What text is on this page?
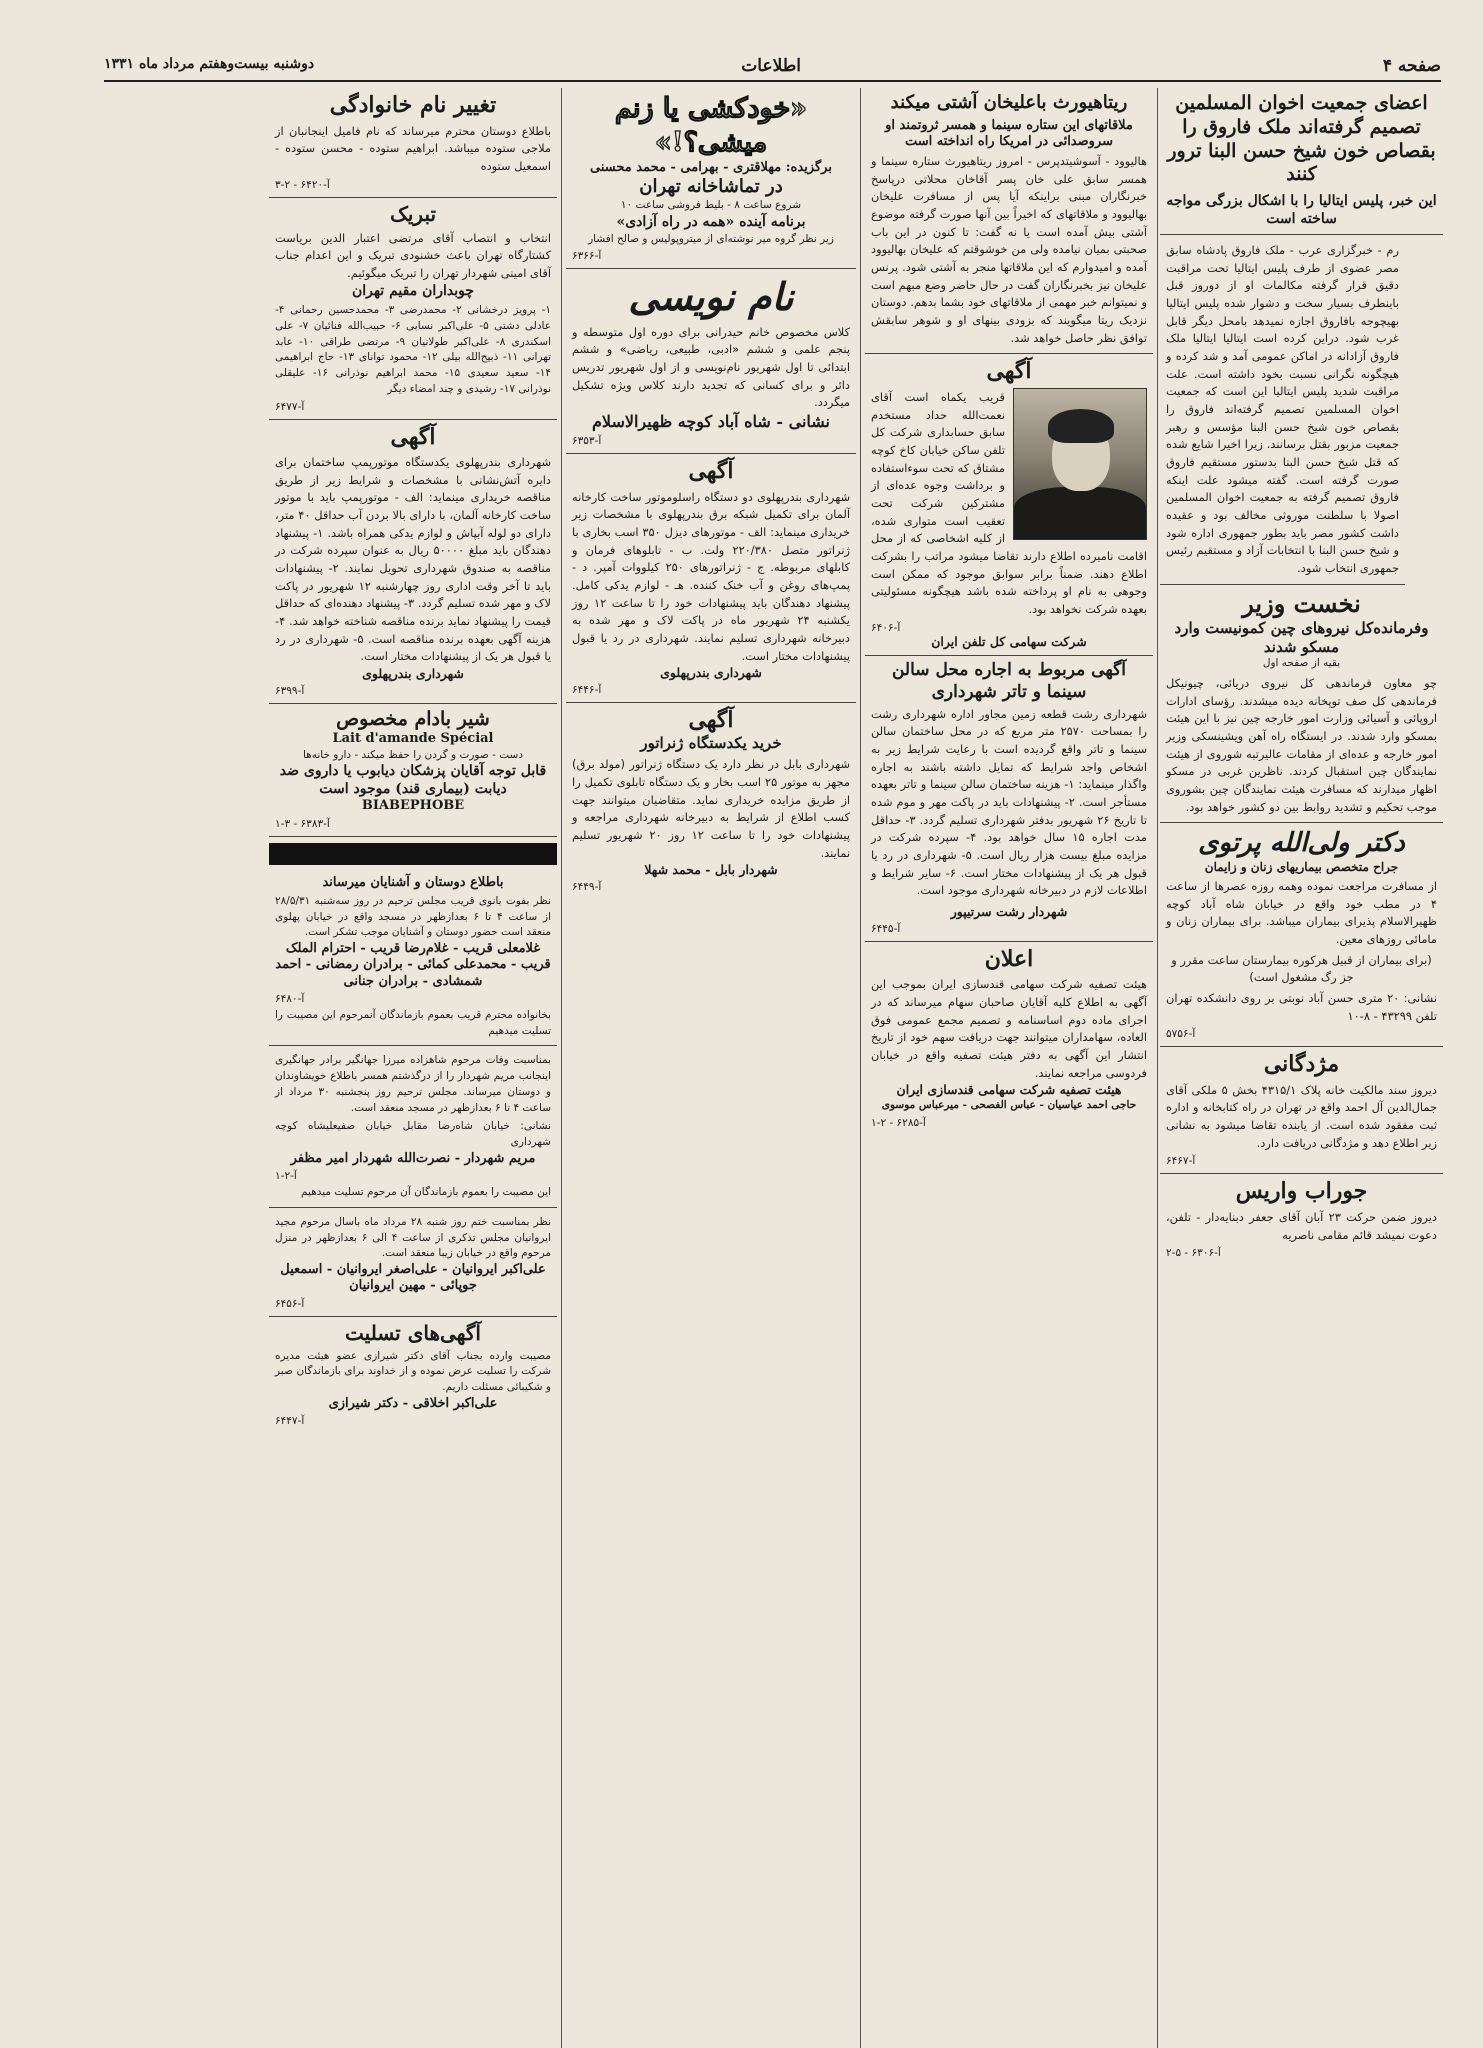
صفحه ۴
اطلاعات
دوشنبه بیست‌وهفتم مرداد ماه ۱۳۳۱
اعضای جمعیت اخوان المسلمین تصمیم گرفته‌اند ملک فاروق را بقصاص خون شیخ حسن البنا ترور کنند
این خبر، پلیس ایتالیا را با اشکال بزرگی مواجه ساخته است
رم - خبرگزاری عرب - ملک فاروق پادشاه سابق مصر عضوی از طرف پلیس ایتالیا تحت مراقبت دقیق قرار گرفته مکالمات او از دوروز قبل باینطرف بسیار سخت و دشوار شده پلیس ایتالیا بهیچوجه بافاروق اجازه نمیدهد بامحل دیگر قابل غرب شود. دراین کرده است ایتالیا ایتالیا ملک فاروق آزادانه در اماکن عمومی آمد و شد کرده و هیچگونه نگرانی نسبت بخود داشته است. علت مراقبت شدید پلیس ایتالیا این است که جمعیت اخوان المسلمین تصمیم گرفته‌اند فاروق را بقصاص خون شیخ حسن البنا مؤسس و رهبر جمعیت مزبور بقتل برسانند. زیرا اخیرا شایع شده که قتل شیخ حسن البنا بدستور مستقیم فاروق صورت گرفته است. گفته میشود علت اینکه فاروق تصمیم گرفته به جمعیت اخوان المسلمین اصولا با سلطنت موروثی مخالف بود و عقیده داشت کشور مصر باید بطور جمهوری اداره شود و شیخ حسن البنا با انتخابات آزاد و مستقیم رئیس جمهوری انتخاب شود.
نخست وزیر
وفرمانده‌کل نیروهای چین کمونیست وارد مسکو شدند
بقیه از صفحه اول
چو معاون فرماندهی کل نیروی دریائی، چیونیکل فرماندهی کل صف توپخانه دیده میشدند. رؤسای ادارات اروپائی و آسیائی وزارت امور خارجه چین نیز با این هیئت بمسکو وارد شدند. در ایستگاه راه آهن ویشینسکی وزیر امور خارجه و عده‌ای از مقامات عالیرتبه شوروی از هیئت نمایندگان چین استقبال کردند. ناظرین غربی در مسکو اظهار میدارند که مسافرت هیئت نمایندگان چین بشوروی موجب تحکیم و تشدید روابط بین دو کشور خواهد بود.
دکتر ولی‌الله پرتوی
جراح متخصص بیماریهای زنان و زایمان
از مسافرت مراجعت نموده وهمه روزه عصرها از ساعت ۴ در مطب خود واقع در خیابان شاه آباد کوچه ظهیرالاسلام پذیرای بیماران میباشد. برای بیماران زنان و مامائی روزهای معین.
(برای بیماران از قبیل هرکوره بیمارستان ساعت مقرر و جز رگ مشغول است)
نشانی: ۲۰ متری حسن آباد نوبتی بر روی دانشکده تهران تلفن ۴۳۲۹۹ - ۸-۱۰
آ-۵۷۵۶
مژدگانی
دیروز سند مالکیت خانه پلاک ۴۳۱۵/۱ بخش ۵ ملکی آقای جمال‌الدین آل احمد واقع در تهران در راه کتابخانه و اداره ثبت مفقود شده است. از یابنده تقاضا میشود به نشانی زیر اطلاع دهد و مژدگانی دریافت دارد.
آ-۶۴۶۷
جوراب واریس
دیروز ضمن حرکت ۲۳ آبان آقای جعفر دبنایه‌دار - تلفن، دعوت نمیشد قائم مقامی ناصریه
آ-۶۳۰۶ - ۵-۲
ریتاهیورث باعلیخان آشتی میکند
ملاقاتهای این ستاره سینما و همسر ثروتمند او سروصدائی در امریکا راه انداخته است
هالیوود - آسوشیتدپرس - امروز ریتاهیورث ستاره سینما و همسر سابق علی خان پسر آقاخان محلاتی درپاسخ خبرنگاران مبنی براینکه آیا پس از مسافرت علیخان بهالیوود و ملاقاتهای که اخیراً بین آنها صورت گرفته موضوع آشتی بیش آمده است یا نه گفت: تا کنون در این باب صحبتی بمیان نیامده ولی من خوشوقتم که علیخان بهالیوود آمده و امیدوارم که این ملاقاتها منجر به آشتی شود. پرنس علیخان نیز بخبرنگاران گفت در حال حاضر وضع مبهم است و نمیتوانم خبر مهمی از ملاقاتهای خود بشما بدهم. دوستان نزدیک ریتا میگویند که بزودی بینهای او و شوهر سابقش توافق نظر حاصل خواهد شد.
آگهی
قریب یکماه است آقای نعمت‌الله حداد مستخدم سابق حسابداری شرکت کل تلفن ساکن خیابان کاخ کوچه مشتاق که تحت سوءاستفاده و برداشت وجوه عده‌ای از مشترکین شرکت تحت تعقیب است متواری شده، از کلیه اشخاصی که از محل اقامت نامبرده اطلاع دارند تقاضا میشود مراتب را بشرکت اطلاع دهند. ضمناً برابر سوابق موجود که ممکن است وجوهی به نام او پرداخته شده باشد هیچگونه مسئولیتی بعهده شرکت نخواهد بود.
آ-۶۴۰۶
شرکت سهامی کل تلفن ایران
آگهی مربوط به اجاره محل سالن سینما و تاتر شهرداری
شهرداری رشت قطعه زمین مجاور اداره شهرداری رشت را بمساحت ۲۵۷۰ متر مربع که در محل ساختمان سالن سینما و تاتر واقع گردیده است با رعایت شرایط زیر به اشخاص واجد شرایط که تمایل داشته باشند به اجاره واگذار مینماید: ۱- هزینه ساختمان سالن سینما و تاتر بعهده مستأجر است. ۲- پیشنهادات باید در پاکت مهر و موم شده تا تاریخ ۲۶ شهریور بدفتر شهرداری تسلیم گردد. ۳- حداقل مدت اجاره ۱۵ سال خواهد بود. ۴- سپرده شرکت در مزایده مبلغ بیست هزار ریال است. ۵- شهرداری در رد یا قبول هر یک از پیشنهادات مختار است. ۶- سایر شرایط و اطلاعات لازم در دبیرخانه شهرداری موجود است.
شهردار رشت سرتیپور
آ-۶۴۴۵
اعلان
هیئت تصفیه شرکت سهامی قندسازی ایران بموجب این آگهی به اطلاع کلیه آقایان صاحبان سهام میرساند که در اجرای ماده دوم اساسنامه و تصمیم مجمع عمومی فوق العاده، سهامداران میتوانند جهت دریافت سهم خود از تاریخ انتشار این آگهی به دفتر هیئت تصفیه واقع در خیابان فردوسی مراجعه نمایند.
هیئت تصفیه شرکت سهامی قندسازی ایران
حاجی احمد عیاسیان - عباس الفصحی - میرعباس موسوی
آ-۶۲۸۵ - ۲-۱
«خودکشی یا زنم میشی؟!»
برگزیده: مهلاقتری - بهرامی - محمد محسنی
در تماشاخانه تهران
شروع ساعت ۸ - بلیط فروشی ساعت ۱۰
برنامه آینده «همه در راه آزادی»
زیر نظر گروه میر نوشته‌ای از میتروپولیس و صالح افشار
آ-۶۳۶۶
نام نویسی
کلاس مخصوص خانم حیدرانی برای دوره اول متوسطه و پنجم علمی و ششم «ادبی، طبیعی، ریاضی» و ششم ابتدائی تا اول شهریور نام‌نویسی و از اول شهریور تدریس دائر و برای کسانی که تجدید دارند کلاس ویژه تشکیل میگردد.
نشانی - شاه آباد کوچه ظهیرالاسلام
آ-۶۳۵۳
آگهی
شهرداری بندرپهلوی دو دستگاه راسلوموتور ساخت کارخانه آلمان برای تکمیل شبکه برق بندرپهلوی با مشخصات زیر خریداری مینماید: الف - موتورهای دیزل ۳۵۰ اسب بخاری با ژنراتور متصل ۲۲۰/۳۸۰ ولت. ب - تابلوهای فرمان و کابلهای مربوطه. ج - ژنراتورهای ۲۵۰ کیلووات آمپر. د - پمپ‌های روغن و آب خنک کننده. هـ - لوازم یدکی کامل. پیشنهاد دهندگان باید پیشنهادات خود را تا ساعت ۱۲ روز یکشنبه ۲۴ شهریور ماه در پاکت لاک و مهر شده به دبیرخانه شهرداری تسلیم نمایند. شهرداری در رد یا قبول پیشنهادات مختار است.
شهرداری بندرپهلوی
آ-۶۴۴۶
آگهی
خرید یکدستگاه ژنراتور
شهرداری بابل در نظر دارد یک دستگاه ژنراتور (مولد برق) مجهز به موتور ۲۵ اسب بخار و یک دستگاه تابلوی تکمیل را از طریق مزایده خریداری نماید. متقاضیان میتوانند جهت کسب اطلاع از شرایط به دبیرخانه شهرداری مراجعه و پیشنهادات خود را تا ساعت ۱۲ روز ۲۰ شهریور تسلیم نمایند.
شهردار بابل - محمد شهلا
آ-۶۴۴۹
تغییر نام خانوادگی
باطلاع دوستان محترم میرساند که نام فامیل اینجانبان از ملاجی ستوده میباشد. ابراهیم ستوده - محسن ستوده - اسمعیل ستوده
آ-۶۴۲۰ - ۲-۳
تبریک
انتخاب و انتصاب آقای مرتضی اعتبار الدین بریاست کشتارگاه تهران باعث خشنودی تبریک و این اعدام جناب آقای امینی شهردار تهران را تبریک میگوئیم.
چوبداران مقیم تهران
۱- پرویز درخشانی ۲- محمدرضی ۳- محمدحسین رحمانی ۴- عادلی دشتی ۵- علی‌اکبر نسابی ۶- حبیب‌الله فنائیان ۷- علی اسکندری ۸- علی‌اکبر طولانیان ۹- مرتضی طراقی ۱۰- عابد تهرانی ۱۱- ذبیح‌الله بیلی ۱۲- محمود توانای ۱۳- حاج ابراهیمی ۱۴- سعید سعیدی ۱۵- محمد ابراهیم نوذرانی ۱۶- علیقلی نوذرانی ۱۷- رشیدی و چند امضاء دیگر
آ-۶۴۷۷
آگهی
شهرداری بندرپهلوی یکدستگاه موتورپمپ ساختمان برای دایره آتش‌نشانی با مشخصات و شرایط زیر از طریق مناقصه خریداری مینماید: الف - موتورپمپ باید با موتور ساخت کارخانه آلمان، با دارای بالا بردن آب حداقل ۴۰ متر، دارای دو لوله آبپاش و لوازم یدکی همراه باشد. ۱- پیشنهاد دهندگان باید مبلغ ۵۰۰۰۰ ریال به عنوان سپرده شرکت در مناقصه به صندوق شهرداری تحویل نمایند. ۲- پیشنهادات باید تا آخر وقت اداری روز چهارشنبه ۱۲ شهریور در پاکت لاک و مهر شده تسلیم گردد. ۳- پیشنهاد دهنده‌ای که حداقل قیمت را پیشنهاد نماید برنده مناقصه شناخته خواهد شد. ۴- هزینه آگهی بعهده برنده مناقصه است. ۵- شهرداری در رد یا قبول هر یک از پیشنهادات مختار است.
شهرداری بندرپهلوی
آ-۶۳۹۹
شیر بادام مخصوص
Lait d'amande Spécial
دست - صورت و گردن را حفظ میکند - دارو خانه‌ها
قابل توجه آقایان پزشکان دیابوب یا داروی ضد دیابت (بیماری قند) موجود است
BIABEPHOBE
آ-۶۳۸۳ - ۳-۱
باطلاع دوستان و آشنایان میرساند
نظر بفوت بانوی قریب مجلس ترحیم در روز سه‌شنبه ۲۸/۵/۳۱ از ساعت ۴ تا ۶ بعدازظهر در مسجد واقع در خیابان پهلوی منعقد است حضور دوستان و آشنایان موجب تشکر است.
غلامعلی قریب - غلام‌رضا قریب - احترام الملک قریب - محمدعلی کمائی - برادران رمضانی - احمد شمشادی - برادران جنانی
آ-۶۴۸۰
بخانواده محترم قریب بعموم بازماندگان آنمرحوم این مصیبت را تسلیت میدهیم
بمناسبت وفات مرحوم شاهزاده میرزا جهانگیر برادر جهانگیری اینجانب مریم شهردار را از درگذشتم همسر باطلاع خویشاوندان و دوستان میرساند. مجلس ترحیم روز پنجشنبه ۳۰ مرداد از ساعت ۴ تا ۶ بعدازظهر در مسجد منعقد است.
نشانی: خیابان شاه‌رضا مقابل خیابان صفیعلیشاه کوچه شهرداری
مریم شهردار - نصرت‌الله شهردار امیر مظفر
آ-۲-۱
این مصیبت را بعموم بازماندگان آن مرحوم تسلیت میدهیم
نظر بمناسبت ختم روز شنبه ۲۸ مرداد ماه باسال مرحوم مجید ایروانیان مجلس تذکری از ساعت ۴ الی ۶ بعدازظهر در منزل مرحوم واقع در خیابان زیبا منعقد است.
علی‌اکبر ایروانیان - علی‌اصغر ایروانیان - اسمعیل جوپائی - مهین ایروانیان
آ-۶۴۵۶
آگهی‌های تسلیت
مصیبت وارده بجناب آقای دکتر شیرازی عضو هیئت مدیره شرکت را تسلیت عرض نموده و از خداوند برای بازماندگان صبر و شکیبائی مسئلت داریم.
علی‌اکبر اخلاقی - دکتر شیرازی
آ-۶۴۴۷
